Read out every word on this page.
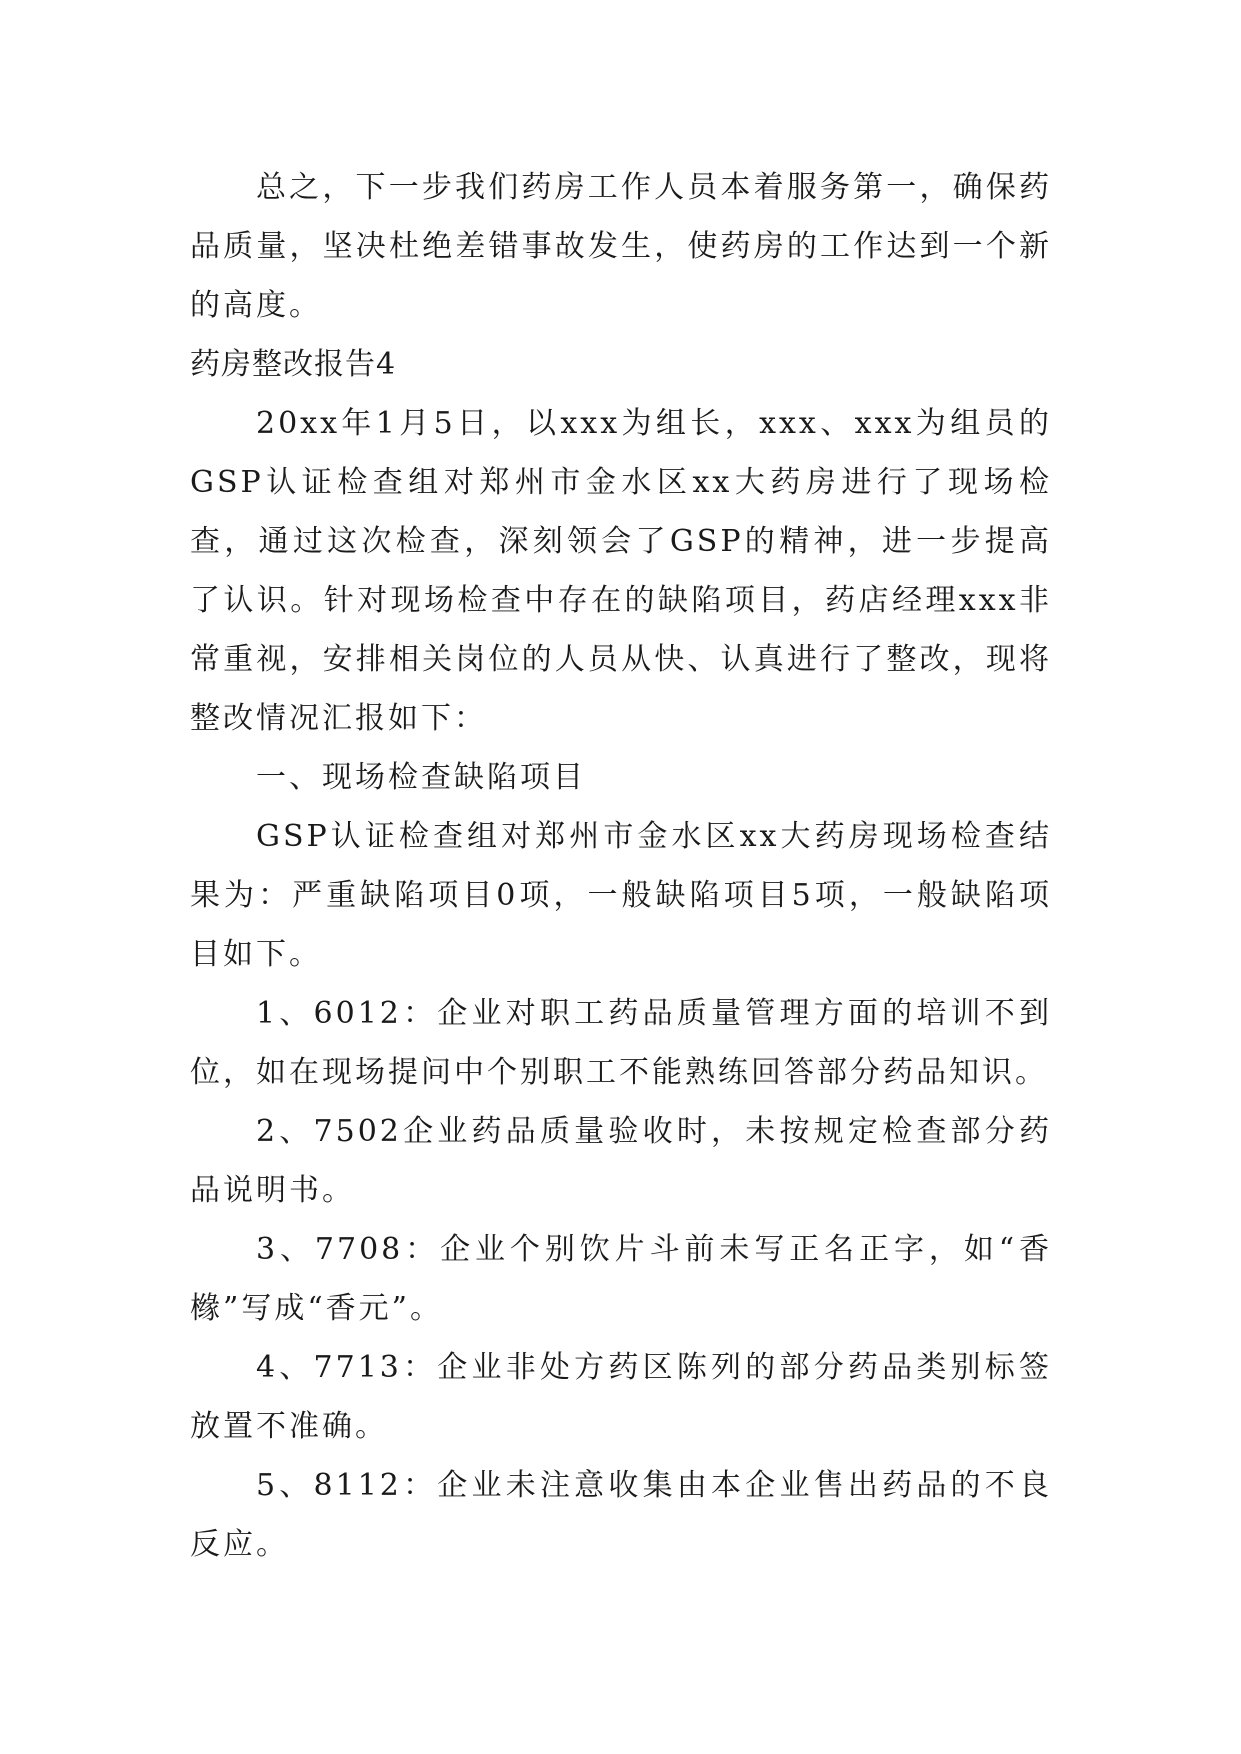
总之，下一步我们药房工作人员本着服务第一，确保药品质量，坚决杜绝差错事故发生，使药房的工作达到一个新的高度。

药房整改报告4

20xx年1月5日，以xxx为组长，xxx、xxx为组员的GSP认证检查组对郑州市金水区xx大药房进行了现场检查，通过这次检查，深刻领会了GSP的精神，进一步提高了认识。针对现场检查中存在的缺陷项目，药店经理xxx非常重视，安排相关岗位的人员从快、认真进行了整改，现将整改情况汇报如下：

一、现场检查缺陷项目

GSP认证检查组对郑州市金水区xx大药房现场检查结果为：严重缺陷项目0项，一般缺陷项目5项，一般缺陷项目如下。

1、6012：企业对职工药品质量管理方面的培训不到位，如在现场提问中个别职工不能熟练回答部分药品知识。

2、7502企业药品质量验收时，未按规定检查部分药品说明书。

3、7708：企业个别饮片斗前未写正名正字，如“香橼”写成“香元”。

4、7713：企业非处方药区陈列的部分药品类别标签放置不准确。

5、8112：企业未注意收集由本企业售出药品的不良反应。
